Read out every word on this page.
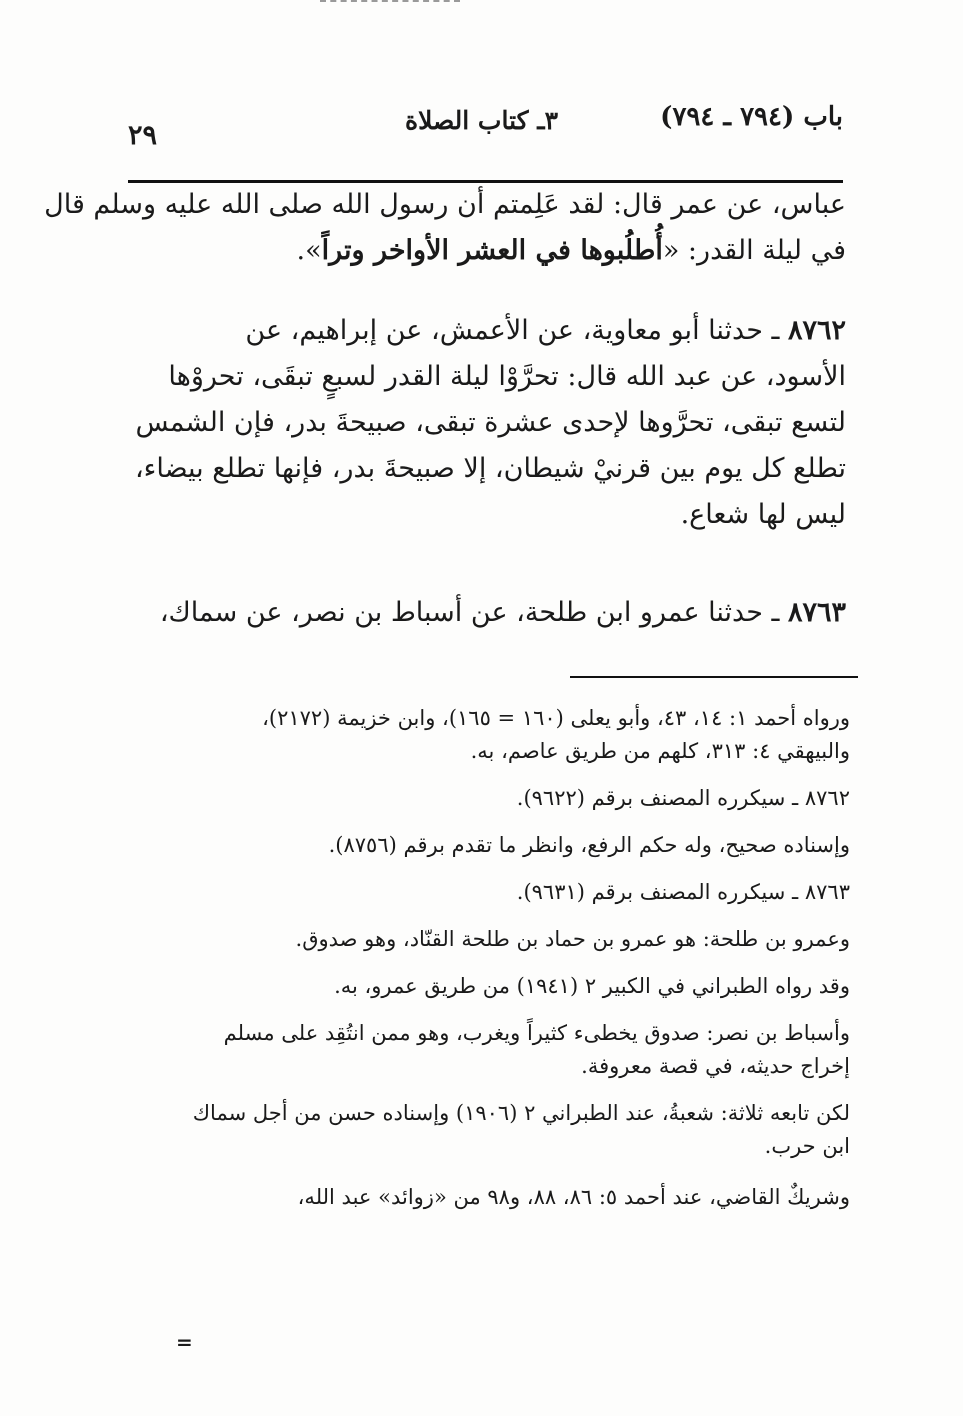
باب (٧٩٤ ـ ٧٩٤)
٣ـ كتاب الصلاة
٢٩
عباس، عن عمر قال: لقد عَلِمتم أن رسول الله صلى الله عليه وسلم قال
في ليلة القدر: «أُطلُبوها في العشر الأواخر وتراً».
٨٧٦٢ ـ حدثنا أبو معاوية، عن الأعمش، عن إبراهيم، عن
الأسود، عن عبد الله قال: تحرَّوْا ليلة القدر لسبعٍ تبقَى، تحروْها
لتسع تبقى، تحرَّوها لإحدى عشرة تبقى، صبيحةَ بدر، فإن الشمس
تطلع كل يوم بين قرنيْ شيطان، إلا صبيحةَ بدر، فإنها تطلع بيضاء،
ليس لها شعاع.
٨٧٦٣ ـ حدثنا عمرو ابن طلحة، عن أسباط بن نصر، عن سماك،
ورواه أحمد ١: ١٤، ٤٣، وأبو يعلى (١٦٠ = ١٦٥)، وابن خزيمة (٢١٧٢)،
والبيهقي ٤: ٣١٣، كلهم من طريق عاصم، به.
٨٧٦٢ ـ سيكرره المصنف برقم (٩٦٢٢).
وإسناده صحيح، وله حكم الرفع، وانظر ما تقدم برقم (٨٧٥٦).
٨٧٦٣ ـ سيكرره المصنف برقم (٩٦٣١).
وعمرو بن طلحة: هو عمرو بن حماد بن طلحة القنّاد، وهو صدوق.
وقد رواه الطبراني في الكبير ٢ (١٩٤١) من طريق عمرو، به.
وأسباط بن نصر: صدوق يخطىء كثيراً ويغرب، وهو ممن انتُقِد على مسلم
إخراج حديثه، في قصة معروفة.
لكن تابعه ثلاثة: شعبةُ، عند الطبراني ٢ (١٩٠٦) وإسناده حسن من أجل سماك
ابن حرب.
وشريكٌ القاضي، عند أحمد ٥: ٨٦، ٨٨، و٩٨ من «زوائد» عبد الله،
=
